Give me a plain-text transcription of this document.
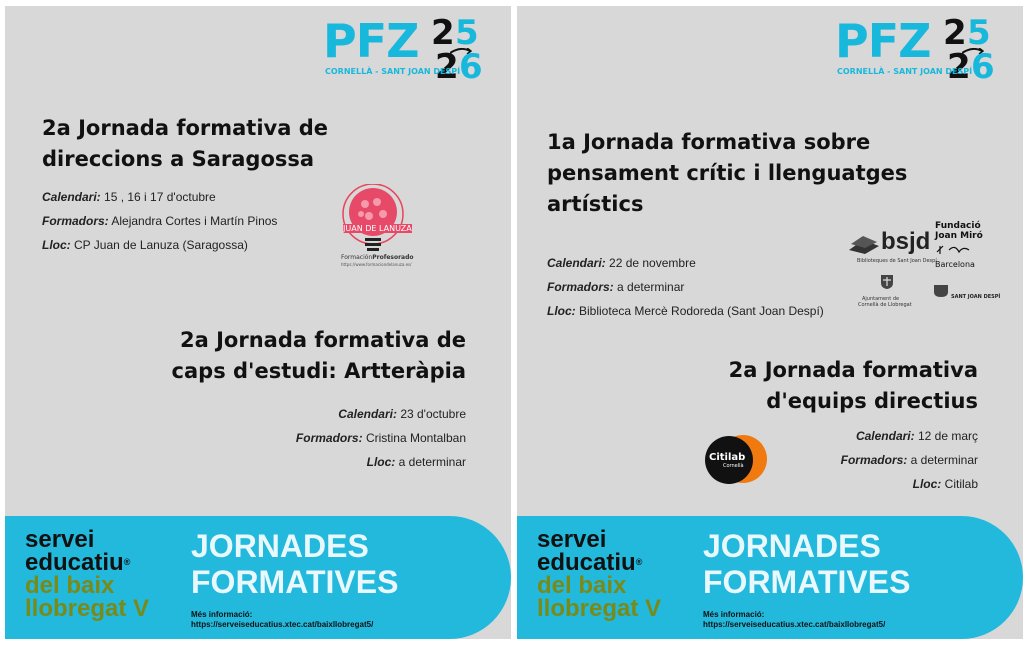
PFZ 2 5
2 6
CORNELLÀ - SANT JOAN DESPÍ
2a Jornada formativa de
direccions a Saragossa
Calendari: 15 , 16 i 17 d'octubre
Formadors: Alejandra Cortes i Martín Pinos
Lloc: CP Juan de Lanuza (Saragossa)
JUAN DE LANUZA
FormaciónProfesorado
https://www.formaciondelanuza.es/
2a Jornada formativa de
caps d'estudi: Artteràpia
Calendari: 23 d'octubre
Formadors: Cristina Montalban
Lloc: a determinar
servei
educatiu®
del baix
llobregat V
JORNADES
FORMATIVES
Més informació:
https://serveiseducatius.xtec.cat/baixllobregat5/
PFZ 2 5
2 6
CORNELLÀ - SANT JOAN DESPÍ
1a Jornada formativa sobre
pensament crític i llenguatges
artístics
Calendari: 22 de novembre
Formadors: a determinar
Lloc: Biblioteca Mercè Rodoreda (Sant Joan Despí)
bsjd
Biblioteques de Sant Joan Despí
Fundació
Joan Miró
Barcelona
Ajuntament de
Cornellà de Llobregat
SANT JOAN DESPÍ
2a Jornada formativa
d'equips directius
Calendari: 12 de març
Formadors: a determinar
Lloc: Citilab
Citilab
Cornellà
servei
educatiu®
del baix
llobregat V
JORNADES
FORMATIVES
Més informació:
https://serveiseducatius.xtec.cat/baixllobregat5/
